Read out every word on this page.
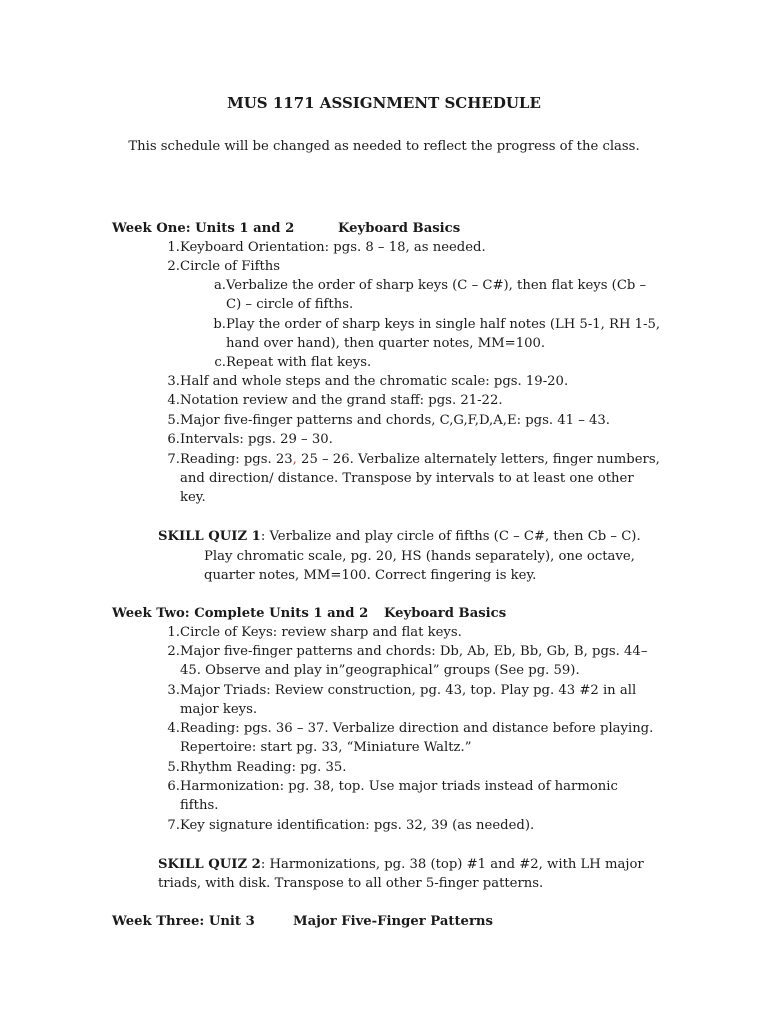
MUS 1171 ASSIGNMENT SCHEDULE
This schedule will be changed as needed to reflect the progress of the class.
Week One: Units 1 and 2	Keyboard Basics
1. Keyboard Orientation: pgs. 8 – 18, as needed.
2. Circle of Fifths
a. Verbalize the order of sharp keys (C – C#), then flat keys (Cb –
C) – circle of fifths.
b. Play the order of sharp keys in single half notes (LH 5-1, RH 1-5,
hand over hand), then quarter notes, MM=100.
c. Repeat with flat keys.
3. Half and whole steps and the chromatic scale: pgs. 19-20.
4. Notation review and the grand staff: pgs. 21-22.
5. Major five-finger patterns and chords, C,G,F,D,A,E: pgs. 41 – 43.
6. Intervals: pgs. 29 – 30.
7. Reading: pgs. 23, 25 – 26. Verbalize alternately letters, finger numbers,
and direction/ distance. Transpose by intervals to at least one other
key.
SKILL QUIZ 1: Verbalize and play circle of fifths (C – C#, then Cb – C).
Play chromatic scale, pg. 20, HS (hands separately), one octave,
quarter notes, MM=100. Correct fingering is key.
Week Two: Complete Units 1 and 2 Keyboard Basics
1. Circle of Keys: review sharp and flat keys.
2. Major five-finger patterns and chords: Db, Ab, Eb, Bb, Gb, B, pgs. 44–
45. Observe and play in”geographical” groups (See pg. 59).
3. Major Triads: Review construction, pg. 43, top. Play pg. 43 #2 in all
major keys.
4. Reading: pgs. 36 – 37. Verbalize direction and distance before playing.
Repertoire: start pg. 33, “Miniature Waltz.”
5. Rhythm Reading: pg. 35.
6. Harmonization: pg. 38, top. Use major triads instead of harmonic
fifths.
7. Key signature identification: pgs. 32, 39 (as needed).
SKILL QUIZ 2: Harmonizations, pg. 38 (top) #1 and #2, with LH major
triads, with disk. Transpose to all other 5-finger patterns.
Week Three: Unit 3	Major Five-Finger Patterns
